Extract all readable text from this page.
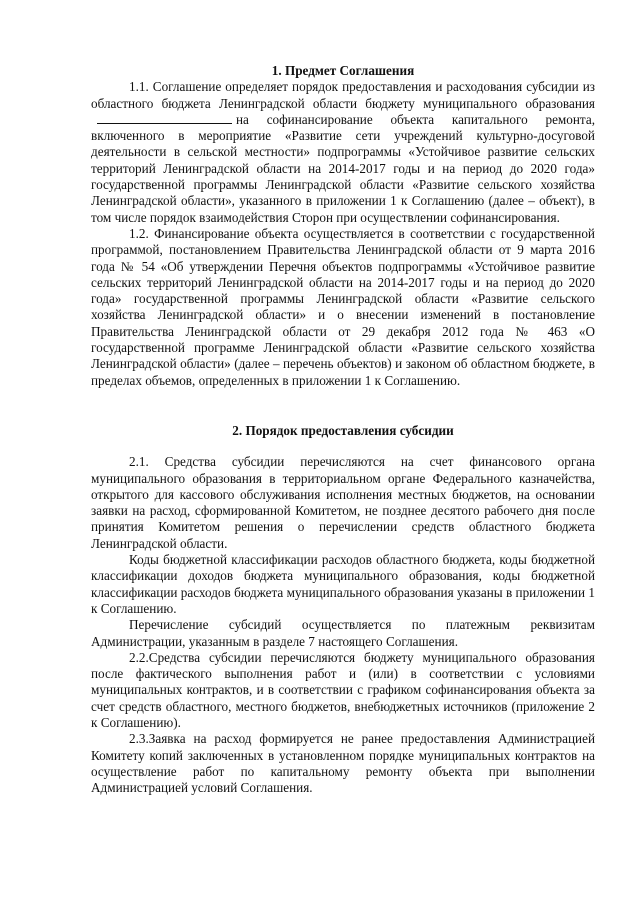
1. Предмет Соглашения

1.1. Соглашение определяет порядок предоставления и расходования субсидии из областного бюджета Ленинградской области бюджету муниципального образованияна софинансирование объекта капитального ремонта, включенного в мероприятие «Развитие сети учреждений культурно-досуговой деятельности в сельской местности» подпрограммы «Устойчивое развитие сельских территорий Ленинградской области на 2014-2017 годы и на период до 2020 года» государственной программы Ленинградской области «Развитие сельского хозяйства Ленинградской области», указанного в приложении 1 к Соглашению (далее – объект), в том числе порядок взаимодействия Сторон при осуществлении софинансирования.

1.2. Финансирование объекта осуществляется в соответствии с государственной программой, постановлением Правительства Ленинградской области от 9 марта 2016 года № 54 «Об утверждении Перечня объектов подпрограммы «Устойчивое развитие сельских территорий Ленинградской области на 2014-2017 годы и на период до 2020 года» государственной программы Ленинградской области «Развитие сельского хозяйства Ленинградской области» и о внесении изменений в постановление Правительства Ленинградской области от 29 декабря 2012 года № 463 «О государственной программе Ленинградской области «Развитие сельского хозяйства Ленинградской области» (далее – перечень объектов) и законом об областном бюджете, в пределах объемов, определенных в приложении 1 к Соглашению.

2. Порядок предоставления субсидии

2.1. Средства субсидии перечисляются на счет финансового органа муниципального образования в территориальном органе Федерального казначейства, открытого для кассового обслуживания исполнения местных бюджетов, на основании заявки на расход, сформированной Комитетом, не позднее десятого рабочего дня после принятия Комитетом решения о перечислении средств областного бюджета Ленинградской области.

Коды бюджетной классификации расходов областного бюджета, коды бюджетной классификации доходов бюджета муниципального образования, коды бюджетной классификации расходов бюджета муниципального образования указаны в приложении 1 к Соглашению.

Перечисление субсидий осуществляется по платежным реквизитам Администрации, указанным в разделе 7 настоящего Соглашения.

2.2.Средства субсидии перечисляются бюджету муниципального образования после фактического выполнения работ и (или) в соответствии с условиями муниципальных контрактов, и в соответствии с графиком софинансирования объекта за счет средств областного, местного бюджетов, внебюджетных источников (приложение 2 к Соглашению).

2.3.Заявка на расход формируется не ранее предоставления Администрацией Комитету копий заключенных в установленном порядке муниципальных контрактов на осуществление работ по капитальному ремонту объекта при выполнении Администрацией условий Соглашения.
